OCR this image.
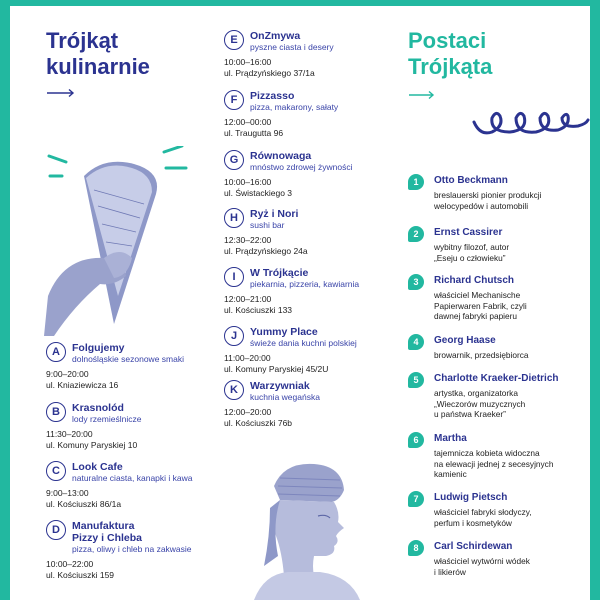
Trójkąt
kulinarnie
A	Folgujemy
dolnośląskie sezonowe smaki
9:00–20:00
ul. Kniaziewicza 16
B	Krasnolód
lody rzemieślnicze
11:30–20:00
ul. Komuny Paryskiej 10
C	Look Cafe
naturalne ciasta, kanapki i kawa
9:00–13:00
ul. Kościuszki 86/1a
D	Manufaktura
Pizzy i Chleba
pizza, oliwy i chleb na zakwasie
10:00–22:00
ul. Kościuszki 159
E	OnZmywa
pyszne ciasta i desery
10:00–16:00
ul. Prądzyńskiego 37/1a
F	Pizzasso
pizza, makarony, sałaty
12:00–00:00
ul. Traugutta 96
G	Równowaga
mnóstwo zdrowej żywności
10:00–16:00
ul. Świstackiego 3
H	Ryż i Nori
sushi bar
12:30–22:00
ul. Prądzyńskiego 24a
I	W Trójkącie
piekarnia, pizzeria, kawiarnia
12:00–21:00
ul. Kościuszki 133
J	Yummy Place
świeże dania kuchni polskiej
11:00–20:00
ul. Komuny Paryskiej 45/2U
K	Warzywniak
kuchnia wegańska
12:00–20:00
ul. Kościuszki 76b
Postaci
Trójkąta
1	Otto Beckmann
breslauerski pionier produkcji
welocypedów i automobili
2	Ernst Cassirer
wybitny filozof, autor
„Eseju o człowieku”
3	Richard Chutsch
właściciel Mechanische
Papierwaren Fabrik, czyli
dawnej fabryki papieru
4	Georg Haase
browarnik, przedsiębiorca
5	Charlotte Kraeker-Dietrich
artystka, organizatorka
„Wieczorów muzycznych
u państwa Kraeker”
6	Martha
tajemnicza kobieta widoczna
na elewacji jednej z secesyjnych
kamienic
7	Ludwig Pietsch
właściciel fabryki słodyczy,
perfum i kosmetyków
8	Carl Schirdewan
właściciel wytwórni wódek
i likierów
